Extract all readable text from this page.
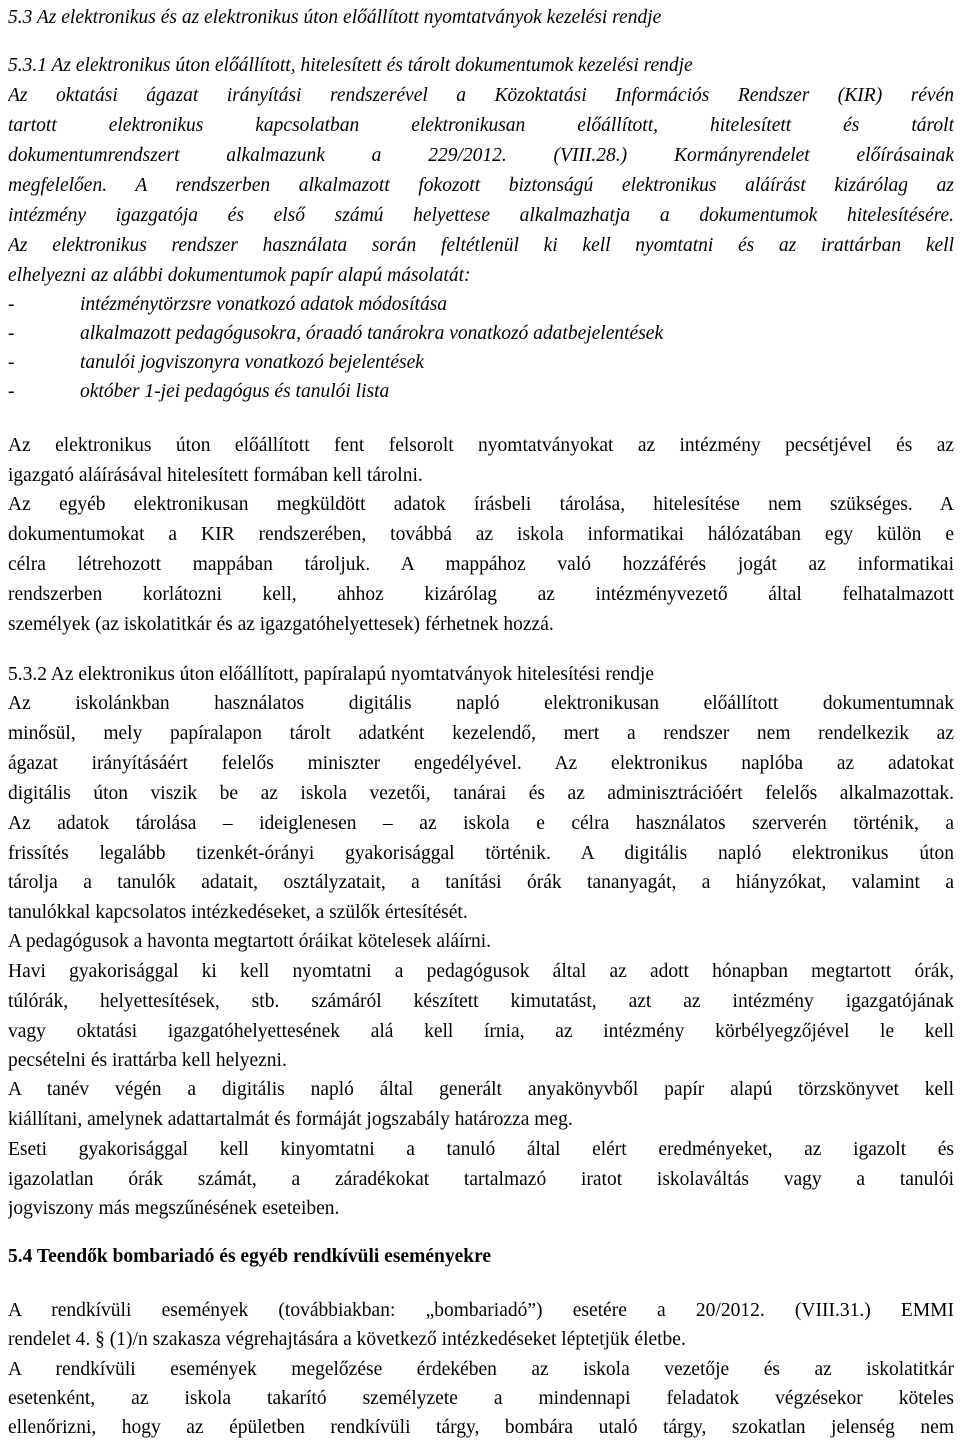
5.3 Az elektronikus és az elektronikus úton előállított nyomtatványok kezelési rendje
5.3.1 Az elektronikus úton előállított, hitelesített és tárolt dokumentumok kezelési rendje
Az oktatási ágazat irányítási rendszerével a Közoktatási Információs Rendszer (KIR) révén
tartott elektronikus kapcsolatban elektronikusan előállított, hitelesített és tárolt
dokumentumrendszert alkalmazunk a 229/2012. (VIII.28.) Kormányrendelet előírásainak
megfelelően. A rendszerben alkalmazott fokozott biztonságú elektronikus aláírást kizárólag az
intézmény igazgatója és első számú helyettese alkalmazhatja a dokumentumok hitelesítésére.
Az elektronikus rendszer használata során feltétlenül ki kell nyomtatni és az irattárban kell
elhelyezni az alábbi dokumentumok papír alapú másolatát:
-	intézménytörzsre vonatkozó adatok módosítása
-	alkalmazott pedagógusokra, óraadó tanárokra vonatkozó adatbejelentések
-	tanulói jogviszonyra vonatkozó bejelentések
-	október 1-jei pedagógus és tanulói lista
Az elektronikus úton előállított fent felsorolt nyomtatványokat az intézmény pecsétjével és az
igazgató aláírásával hitelesített formában kell tárolni.
Az egyéb elektronikusan megküldött adatok írásbeli tárolása, hitelesítése nem szükséges. A
dokumentumokat a KIR rendszerében, továbbá az iskola informatikai hálózatában egy külön e
célra létrehozott mappában tároljuk. A mappához való hozzáférés jogát az informatikai
rendszerben korlátozni kell, ahhoz kizárólag az intézményvezető által felhatalmazott
személyek (az iskolatitkár és az igazgatóhelyettesek) férhetnek hozzá.
5.3.2 Az elektronikus úton előállított, papíralapú nyomtatványok hitelesítési rendje
Az iskolánkban használatos digitális napló elektronikusan előállított dokumentumnak
minősül, mely papíralapon tárolt adatként kezelendő, mert a rendszer nem rendelkezik az
ágazat irányításáért felelős miniszter engedélyével. Az elektronikus naplóba az adatokat
digitális úton viszik be az iskola vezetői, tanárai és az adminisztrációért felelős alkalmazottak.
Az adatok tárolása – ideiglenesen – az iskola e célra használatos szerverén történik, a
frissítés legalább tizenkét-órányi gyakorisággal történik. A digitális napló elektronikus úton
tárolja a tanulók adatait, osztályzatait, a tanítási órák tananyagát, a hiányzókat, valamint a
tanulókkal kapcsolatos intézkedéseket, a szülők értesítését.
A pedagógusok a havonta megtartott óráikat kötelesek aláírni.
Havi gyakorisággal ki kell nyomtatni a pedagógusok által az adott hónapban megtartott órák,
túlórák, helyettesítések, stb. számáról készített kimutatást, azt az intézmény igazgatójának
vagy oktatási igazgatóhelyettesének alá kell írnia, az intézmény körbélyegzőjével le kell
pecsételni és irattárba kell helyezni.
A tanév végén a digitális napló által generált anyakönyvből papír alapú törzskönyvet kell
kiállítani, amelynek adattartalmát és formáját jogszabály határozza meg.
Eseti gyakorisággal kell kinyomtatni a tanuló által elért eredményeket, az igazolt és
igazolatlan órák számát, a záradékokat tartalmazó iratot iskolaváltás vagy a tanulói
jogviszony más megszűnésének eseteiben.
5.4 Teendők bombariadó és egyéb rendkívüli eseményekre
A rendkívüli események (továbbiakban: „bombariadó”) esetére a 20/2012. (VIII.31.) EMMI
rendelet 4. § (1)/n szakasza végrehajtására a következő intézkedéseket léptetjük életbe.
A rendkívüli események megelőzése érdekében az iskola vezetője és az iskolatitkár
esetenként, az iskola takarító személyzete a mindennapi feladatok végzésekor köteles
ellenőrizni, hogy az épületben rendkívüli tárgy, bombára utaló tárgy, szokatlan jelenség nem
